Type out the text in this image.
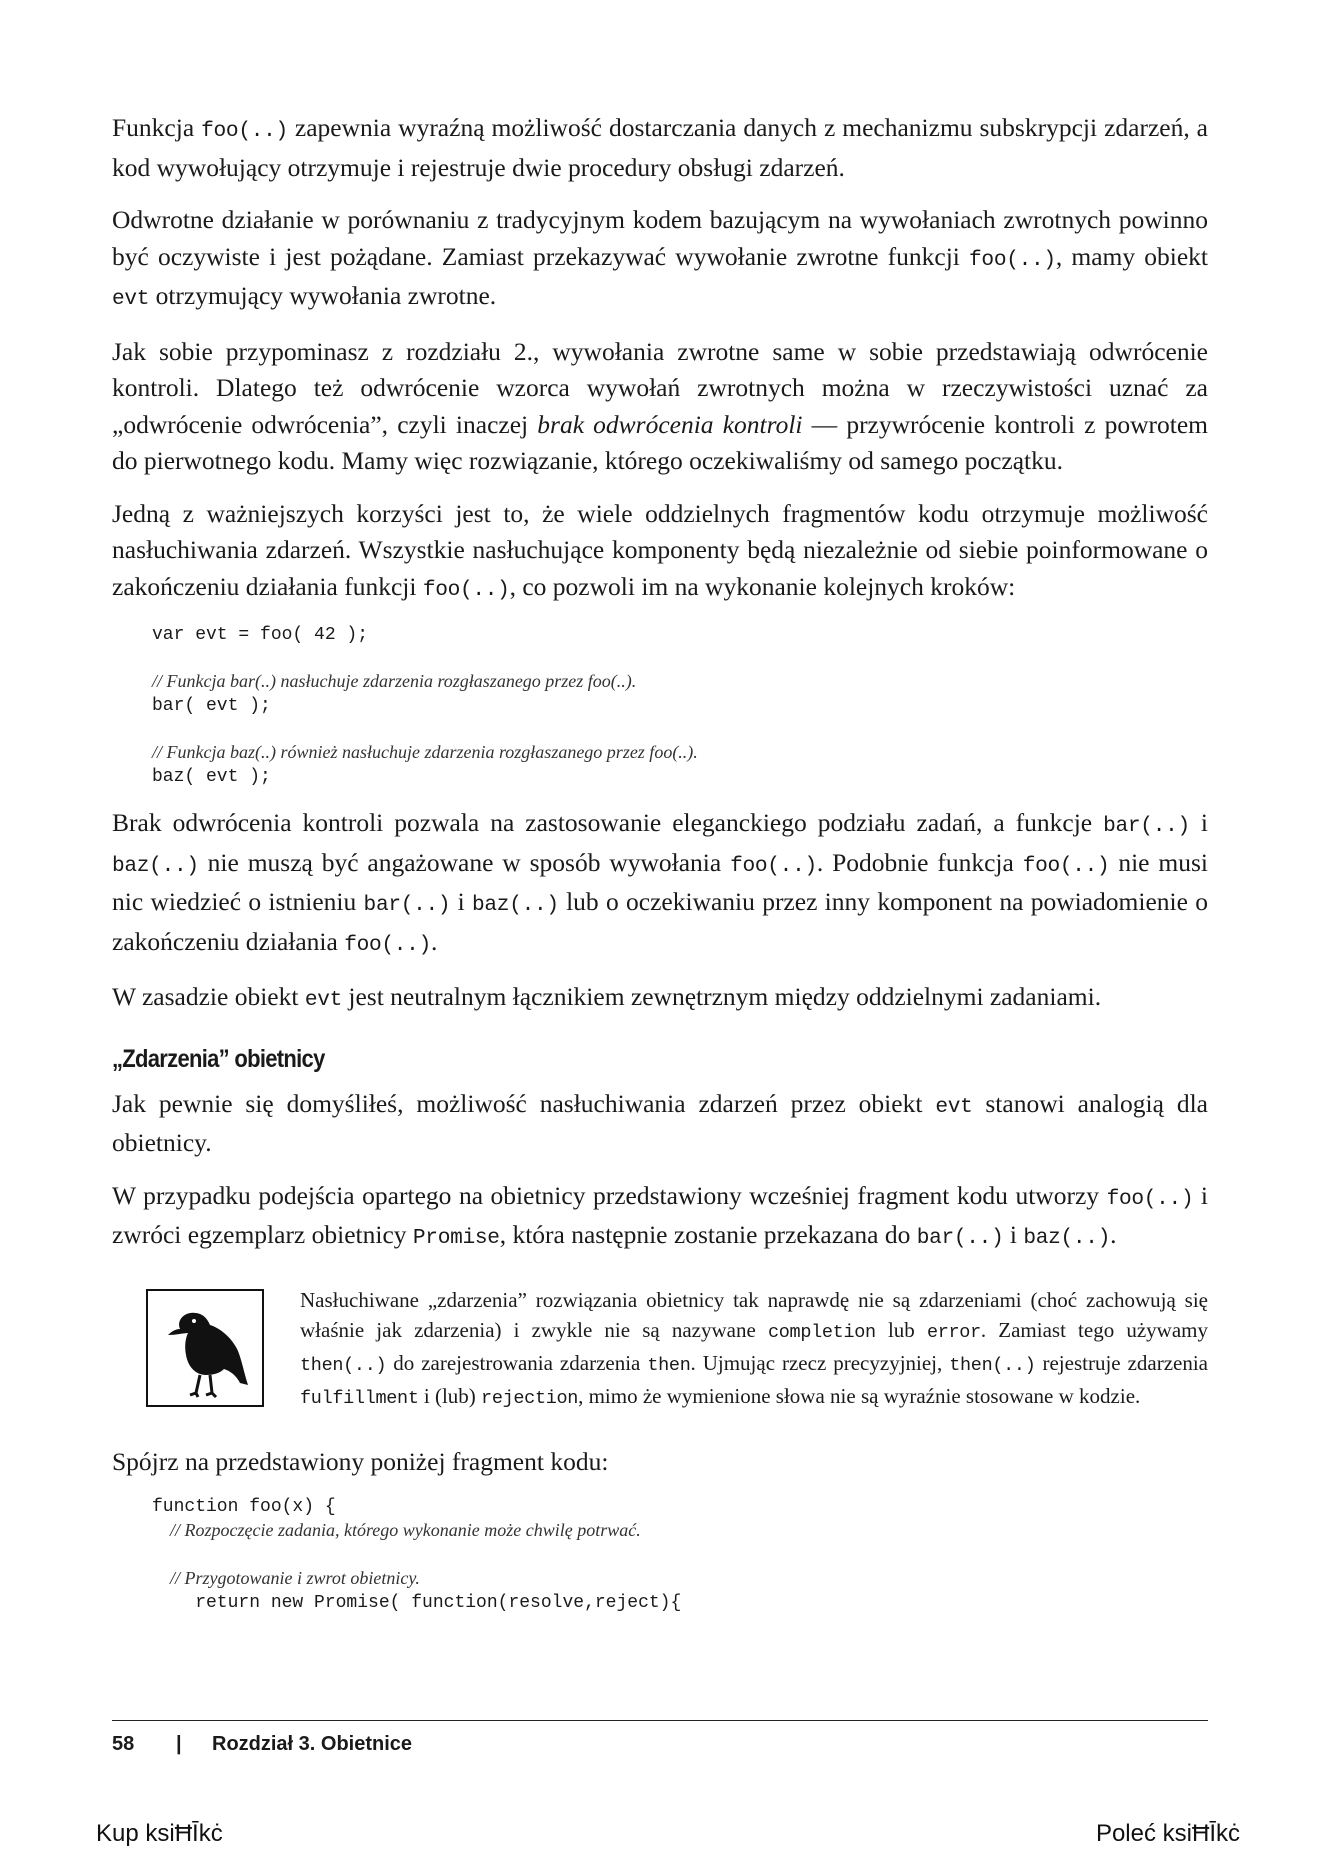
Funkcja foo(..) zapewnia wyraźną możliwość dostarczania danych z mechanizmu subskrypcji zdarzeń, a kod wywołujący otrzymuje i rejestruje dwie procedury obsługi zdarzeń.

Odwrotne działanie w porównaniu z tradycyjnym kodem bazującym na wywołaniach zwrotnych powinno być oczywiste i jest pożądane. Zamiast przekazywać wywołanie zwrotne funkcji foo(..), mamy obiekt evt otrzymujący wywołania zwrotne.

Jak sobie przypominasz z rozdziału 2., wywołania zwrotne same w sobie przedstawiają odwrócenie kontroli. Dlatego też odwrócenie wzorca wywołań zwrotnych można w rzeczywistości uznać za „odwrócenie odwrócenia”, czyli inaczej brak odwrócenia kontroli — przywrócenie kontroli z powrotem do pierwotnego kodu. Mamy więc rozwiązanie, którego oczekiwaliśmy od samego początku.

Jedną z ważniejszych korzyści jest to, że wiele oddzielnych fragmentów kodu otrzymuje możliwość nasłuchiwania zdarzeń. Wszystkie nasłuchujące komponenty będą niezależnie od siebie poinformowane o zakończeniu działania funkcji foo(..), co pozwoli im na wykonanie kolejnych kroków:

var evt = foo( 42 );

// Funkcja bar(..) nasłuchuje zdarzenia rozgłaszanego przez foo(..).
bar( evt );

// Funkcja baz(..) również nasłuchuje zdarzenia rozgłaszanego przez foo(..).
baz( evt );

Brak odwrócenia kontroli pozwala na zastosowanie eleganckiego podziału zadań, a funkcje bar(..) i baz(..) nie muszą być angażowane w sposób wywołania foo(..). Podobnie funkcja foo(..) nie musi nic wiedzieć o istnieniu bar(..) i baz(..) lub o oczekiwaniu przez inny komponent na powiadomienie o zakończeniu działania foo(..).

W zasadzie obiekt evt jest neutralnym łącznikiem zewnętrznym między oddzielnymi zadaniami.

„Zdarzenia” obietnicy

Jak pewnie się domyśliłeś, możliwość nasłuchiwania zdarzeń przez obiekt evt stanowi analogią dla obietnicy.

W przypadku podejścia opartego na obietnicy przedstawiony wcześniej fragment kodu utworzy foo(..) i zwróci egzemplarz obietnicy Promise, która następnie zostanie przekazana do bar(..) i baz(..).

Nasłuchiwane „zdarzenia” rozwiązania obietnicy tak naprawdę nie są zdarzeniami (choć zachowują się właśnie jak zdarzenia) i zwykle nie są nazywane completion lub error. Zamiast tego używamy then(..) do zarejestrowania zdarzenia then. Ujmując rzecz precyzyjniej, then(..) rejestruje zdarzenia fulfillment i (lub) rejection, mimo że wymienione słowa nie są wyraźnie stosowane w kodzie.

Spójrz na przedstawiony poniżej fragment kodu:

function foo(x) {
// Rozpoczęcie zadania, którego wykonanie może chwilę potrwać.

// Przygotowanie i zwrot obietnicy.
return new Promise( function(resolve,reject){
58	|	Rozdział 3. Obietnice
Kup ksiĦĪkċ	Poleć ksiĦĪkċ
